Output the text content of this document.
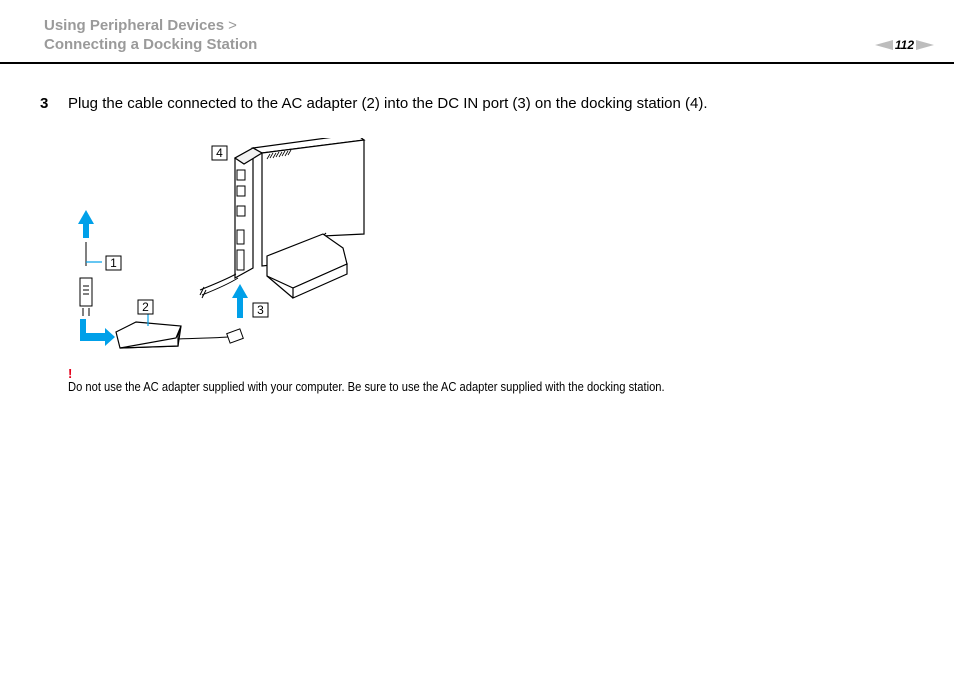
Using Peripheral Devices >
Connecting a Docking Station	112
3 Plug the cable connected to the AC adapter (2) into the DC IN port (3) on the docking station (4).
4
1
2	3
!
Do not use the AC adapter supplied with your computer. Be sure to use the AC adapter supplied with the docking station.
